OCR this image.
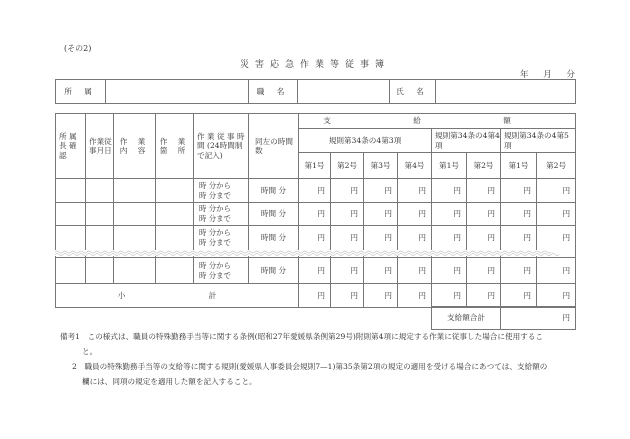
(その2)
災害応急作業等従事簿
年 月 分
所 属		職 名		氏 名	
所 属 長 確 認	作業従事月日	作 業 内 容	作 業 箇 所	作 業 従 事 時 間 (24時間制で記入)	同左の時間数	支 給 額							
						規則第34条の4第3項				規則第34条の4第4項		規則第34条の4第5項	
						第1号	第2号	第3号	第4号	第1号	第2号	第1号	第2号

				時 分から
時 分まで	時間 分	円	円	円	円	円	円	円	円

				時 分から
時 分まで	時間 分	円	円	円	円	円	円	円	円

				時 分から
時 分まで	時間 分	円	円	円	円	円	円	円	円

				時 分から
時 分まで	時間 分	円	円	円	円	円	円	円	円

小 計						円	円	円	円	円	円	円	円
支給額合計	円
備考1　 この様式は、職員の特殊勤務手当等に関する条例(昭和27年愛媛県条例第29号)附則第4項に規定する作業に従事した場合に使用するこ
と。
2　 職員の特殊勤務手当等の支給等に関する規則(愛媛県人事委員会規則7—1)第35条第2項の規定の適用を受ける場合にあつては、支給額の
欄には、同項の規定を適用した額を記入すること。
